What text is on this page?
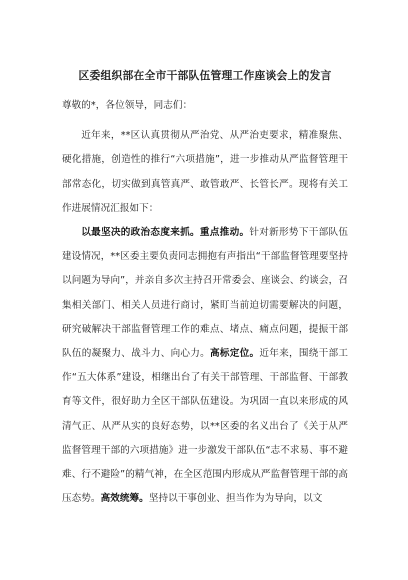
区委组织部在全市干部队伍管理工作座谈会上的发言

尊敬的*，各位领导，同志们：

近年来，**区认真贯彻从严治党、从严治吏要求，精准聚焦、硬化措施，创造性的推行“六项措施”，进一步推动从严监督管理干部常态化，切实做到真管真严、敢管敢严、长管长严。现将有关工作进展情况汇报如下：

以最坚决的政治态度来抓。重点推动。针对新形势下干部队伍建设情况，**区委主要负责同志拥抱有声指出“干部监督管理要坚持以问题为导向”，并亲自多次主持召开常委会、座谈会、约谈会，召集相关部门、相关人员进行商讨，紧盯当前迫切需要解决的问题，研究破解决干部监督管理工作的难点、堵点、痛点问题，提振干部队伍的凝聚力、战斗力、向心力。高标定位。近年来，围绕干部工作“五大体系”建设，相继出台了有关干部管理、干部监督、干部教育等文件，很好助力全区干部队伍建设。为巩固一直以来形成的风清气正、从严从实的良好态势，以**区委的名义出台了《关于从严监督管理干部的六项措施》进一步激发干部队伍“志不求易、事不避难、行不避险”的精气神，在全区范围内形成从严监督管理干部的高压态势。高效统筹。坚持以干事创业、担当作为为导向，以文
